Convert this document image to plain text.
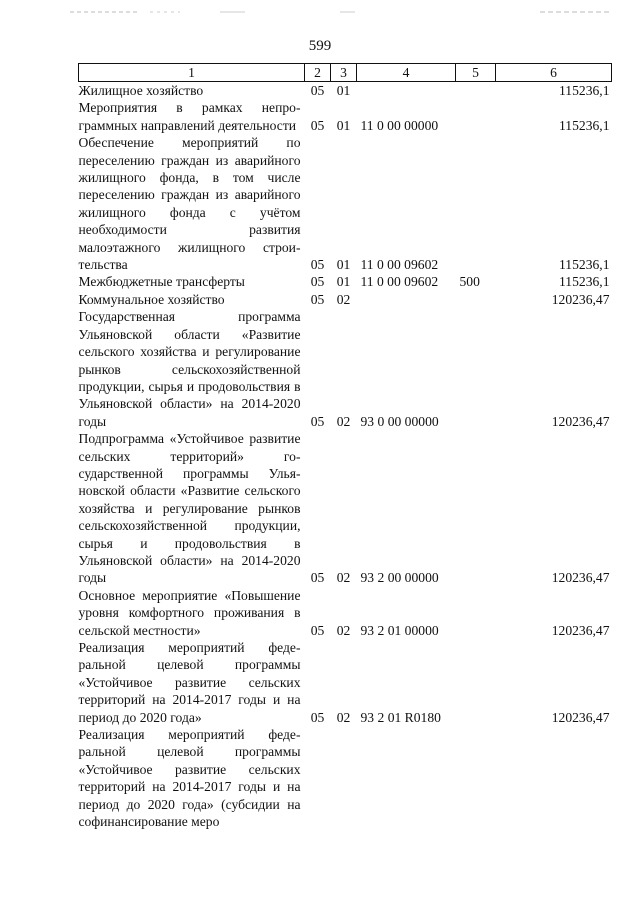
599
1	2	3	4	5	6
Жилищное хозяйство	05	01			115236,1
Мероприятия в рамках непрограммных направлений деятельности	05	01	11 0 00 00000		115236,1
Обеспечение мероприятий по переселению граждан из аварийного жилищного фонда, в том числе переселению граждан из аварийного жилищного фонда с учётом необходимости развития малоэтажного жилищного строительства	05	01	11 0 00 09602		115236,1
Межбюджетные трансферты	05	01	11 0 00 09602	500	115236,1
Коммунальное хозяйство	05	02			120236,47
Государственная программа Ульяновской области «Развитие сельского хозяйства и регулирование рынков сельскохозяйственной продукции, сырья и продовольствия в Ульяновской области» на 2014-2020 годы	05	02	93 0 00 00000		120236,47
Подпрограмма «Устойчивое развитие сельских территорий» государственной программы Ульяновской области «Развитие сельского хозяйства и регулирование рынков сельскохозяйственной продукции, сырья и продовольствия в Ульяновской области» на 2014-2020 годы	05	02	93 2 00 00000		120236,47
Основное мероприятие «Повышение уровня комфортного проживания в сельской местности»	05	02	93 2 01 00000		120236,47
Реализация мероприятий федеральной целевой программы «Устойчивое развитие сельских территорий на 2014-2017 годы и на период до 2020 года»	05	02	93 2 01 R0180		120236,47
Реализация мероприятий федеральной целевой программы «Устойчивое развитие сельских территорий на 2014-2017 годы и на период до 2020 года» (субсидии на софинансирование меро					
